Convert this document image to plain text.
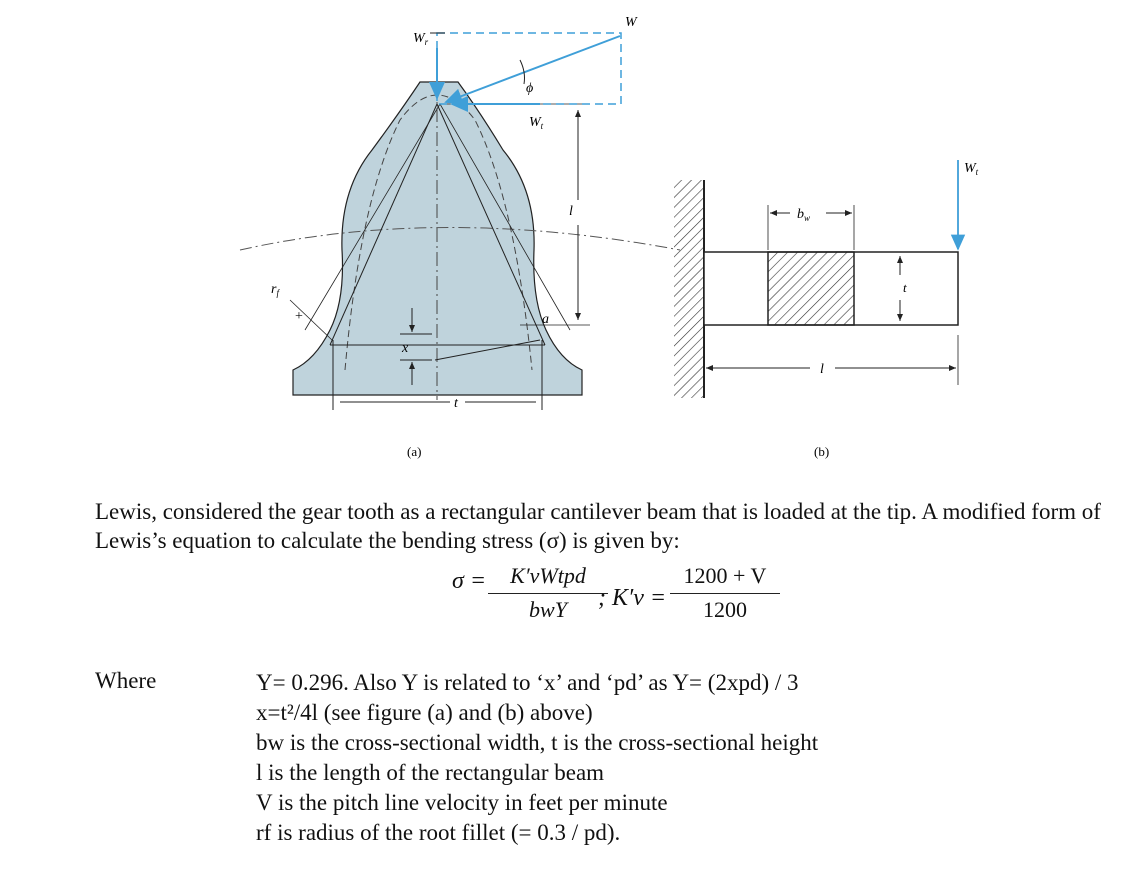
+
W
$W_r$
ϕ
$W_t$
l
a
x
t
$r_f$
(a)
$W_t$
$b_w$
t
l
(b)
Lewis, considered the gear tooth as a rectangular cantilever beam that is loaded at the tip. A modified form of Lewis’s equation to calculate the bending stress (σ) is given by:
σ =	K′vWtpd
bwY	; K′v =
1200 + V
1200
Where	Y= 0.296. Also Y is related to ‘x’ and ‘pd’ as Y= (2xpd) / 3
x=t²/4l (see figure (a) and (b) above)
bw is the cross-sectional width, t is the cross-sectional height
l is the length of the rectangular beam
V is the pitch line velocity in feet per minute
rf is radius of the root fillet (= 0.3 / pd).
